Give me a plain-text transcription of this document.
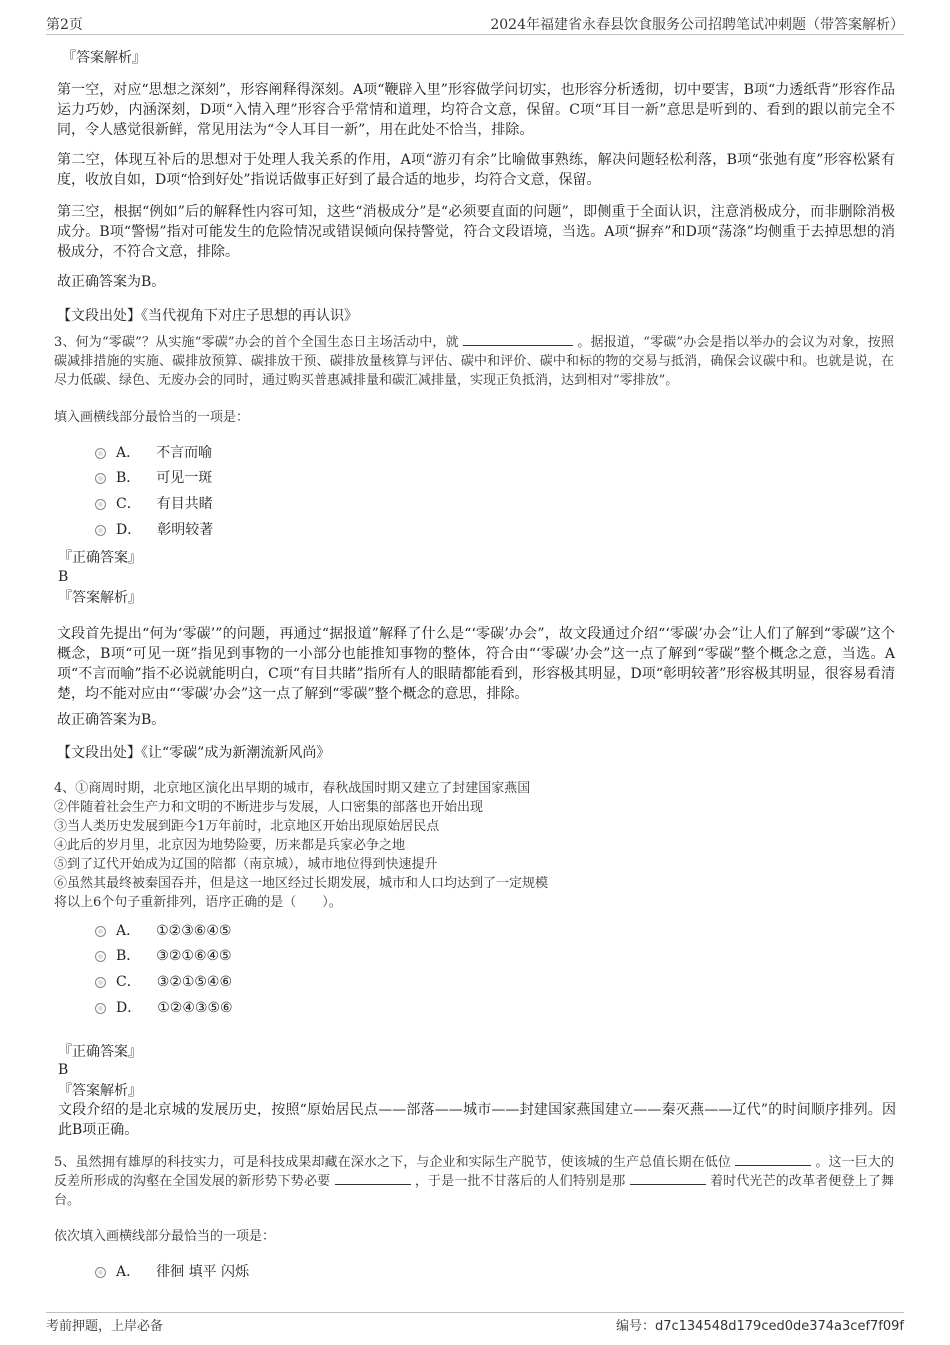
第2页	2024年福建省永春县饮食服务公司招聘笔试冲刺题（带答案解析）
『答案解析』

第一空，对应“思想之深刻”，形容阐释得深刻。A项“鞭辟入里”形容做学问切实，也形容分析透彻，切中要害，B项“力透纸背”形容作品运力巧妙，内涵深刻，D项“入情入理”形容合乎常情和道理，均符合文意，保留。C项“耳目一新”意思是听到的、看到的跟以前完全不同，令人感觉很新鲜，常见用法为“令人耳目一新”，用在此处不恰当，排除。

第二空，体现互补后的思想对于处理人我关系的作用，A项“游刃有余”比喻做事熟练，解决问题轻松利落，B项“张弛有度”形容松紧有度，收放自如，D项“恰到好处”指说话做事正好到了最合适的地步，均符合文意，保留。

第三空，根据“例如”后的解释性内容可知，这些“消极成分”是“必须要直面的问题”，即侧重于全面认识，注意消极成分，而非删除消极成分。B项“警惕”指对可能发生的危险情况或错误倾向保持警觉，符合文段语境，当选。A项“摒弃”和D项“荡涤”均侧重于去掉思想的消极成分，不符合文意，排除。

故正确答案为B。
【文段出处】《当代视角下对庄子思想的再认识》
3、何为“零碳”？从实施“零碳”办会的首个全国生态日主场活动中，就	。据报道，“零碳”办会是指以举办的会议为对象，按照碳减排措施的实施、碳排放预算、碳排放干预、碳排放量核算与评估、碳中和评价、碳中和标的物的交易与抵消，确保会议碳中和。也就是说，在尽力低碳、绿色、无废办会的同时，通过购买普惠减排量和碳汇减排量，实现正负抵消，达到相对“零排放”。
填入画横线部分最恰当的一项是：
A． 不言而喻
B． 可见一斑
C． 有目共睹
D． 彰明较著
『正确答案』
B
『答案解析』

文段首先提出“何为‘零碳’”的问题，再通过“据报道”解释了什么是“‘零碳’办会”，故文段通过介绍“‘零碳’办会”让人们了解到“零碳”这个概念，B项“可见一斑”指见到事物的一小部分也能推知事物的整体，符合由“‘零碳’办会”这一点了解到“零碳”整个概念之意，当选。A项“不言而喻”指不必说就能明白，C项“有目共睹”指所有人的眼睛都能看到，形容极其明显，D项“彰明较著”形容极其明显，很容易看清楚，均不能对应由“‘零碳’办会”这一点了解到“零碳”整个概念的意思，排除。

故正确答案为B。
【文段出处】《让“零碳”成为新潮流新风尚》
4、①商周时期，北京地区演化出早期的城市，春秋战国时期又建立了封建国家燕国
②伴随着社会生产力和文明的不断进步与发展，人口密集的部落也开始出现
③当人类历史发展到距今1万年前时，北京地区开始出现原始居民点
④此后的岁月里，北京因为地势险要，历来都是兵家必争之地
⑤到了辽代开始成为辽国的陪都（南京城），城市地位得到快速提升
⑥虽然其最终被秦国吞并，但是这一地区经过长期发展，城市和人口均达到了一定规模
将以上6个句子重新排列，语序正确的是（　　）。
A． ①②③⑥④⑤
B． ③②①⑥④⑤
C． ③②①⑤④⑥
D． ①②④③⑤⑥
『正确答案』
B
『答案解析』

文段介绍的是北京城的发展历史，按照“原始居民点——部落——城市——封建国家燕国建立——秦灭燕——辽代”的时间顺序排列。因此B项正确。

5、虽然拥有雄厚的科技实力，可是科技成果却藏在深水之下，与企业和实际生产脱节，使该城的生产总值长期在低位	。这一巨大的反差所形成的沟壑在全国发展的新形势下势必要	，于是一批不甘落后的人们特别是那	着时代光芒的改革者便登上了舞台。
依次填入画横线部分最恰当的一项是：
A． 徘徊 填平 闪烁
考前押题，上岸必备	编号：d7c134548d179ced0de374a3cef7f09f
